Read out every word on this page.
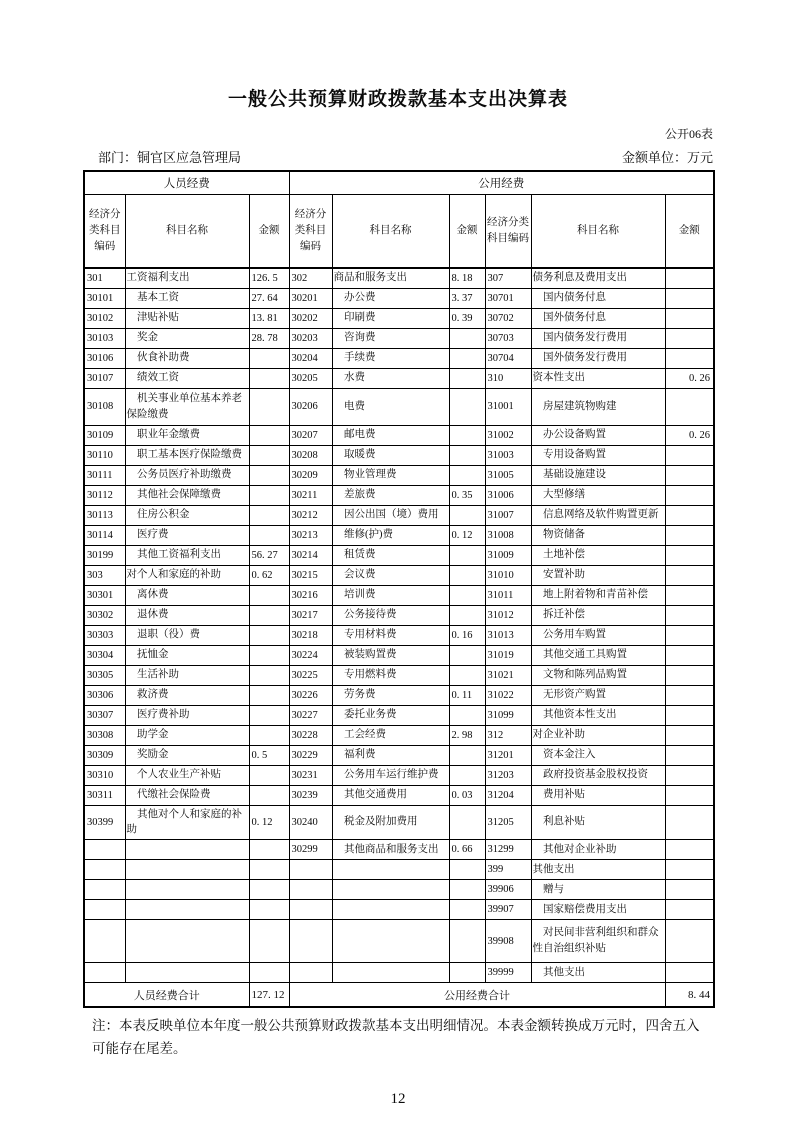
一般公共预算财政拨款基本支出决算表
公开06表
部门：铜官区应急管理局	金额单位：万元
人员经费			公用经费					
经济分类科目编码	科目名称	金额	经济分类科目编码	科目名称	金额	经济分类科目编码	科目名称	金额
301	工资福利支出	126. 5	302	商品和服务支出	8. 18	307	债务利息及费用支出	
30101	基本工资	27. 64	30201	办公费	3. 37	30701	国内债务付息	
30102	津贴补贴	13. 81	30202	印刷费	0. 39	30702	国外债务付息	
30103	奖金	28. 78	30203	咨询费		30703	国内债务发行费用	
30106	伙食补助费		30204	手续费		30704	国外债务发行费用	
30107	绩效工资		30205	水费		310	资本性支出	0. 26
30108	机关事业单位基本养老保险缴费		30206	电费		31001	房屋建筑物购建	
30109	职业年金缴费		30207	邮电费		31002	办公设备购置	0. 26
30110	职工基本医疗保险缴费		30208	取暖费		31003	专用设备购置	
30111	公务员医疗补助缴费		30209	物业管理费		31005	基础设施建设	
30112	其他社会保障缴费		30211	差旅费	0. 35	31006	大型修缮	
30113	住房公积金		30212	因公出国（境）费用		31007	信息网络及软件购置更新	
30114	医疗费		30213	维修(护)费	0. 12	31008	物资储备	
30199	其他工资福利支出	56. 27	30214	租赁费		31009	土地补偿	
303	对个人和家庭的补助	0. 62	30215	会议费		31010	安置补助	
30301	离休费		30216	培训费		31011	地上附着物和青苗补偿	
30302	退休费		30217	公务接待费		31012	拆迁补偿	
30303	退职（役）费		30218	专用材料费	0. 16	31013	公务用车购置	
30304	抚恤金		30224	被装购置费		31019	其他交通工具购置	
30305	生活补助		30225	专用燃料费		31021	文物和陈列品购置	
30306	救济费		30226	劳务费	0. 11	31022	无形资产购置	
30307	医疗费补助		30227	委托业务费		31099	其他资本性支出	
30308	助学金		30228	工会经费	2. 98	312	对企业补助	
30309	奖励金	0. 5	30229	福利费		31201	资本金注入	
30310	个人农业生产补贴		30231	公务用车运行维护费		31203	政府投资基金股权投资	
30311	代缴社会保险费		30239	其他交通费用	0. 03	31204	费用补贴	
30399	其他对个人和家庭的补助	0. 12	30240	税金及附加费用		31205	利息补贴	
			30299	其他商品和服务支出	0. 66	31299	其他对企业补助	
						399	其他支出	
						39906	赠与	
						39907	国家赔偿费用支出	
						39908	对民间非营利组织和群众性自治组织补贴	
						39999	其他支出	
人员经费合计		127. 12	公用经费合计					8. 44

注：本表反映单位本年度一般公共预算财政拨款基本支出明细情况。本表金额转换成万元时，四舍五入可能存在尾差。

12
